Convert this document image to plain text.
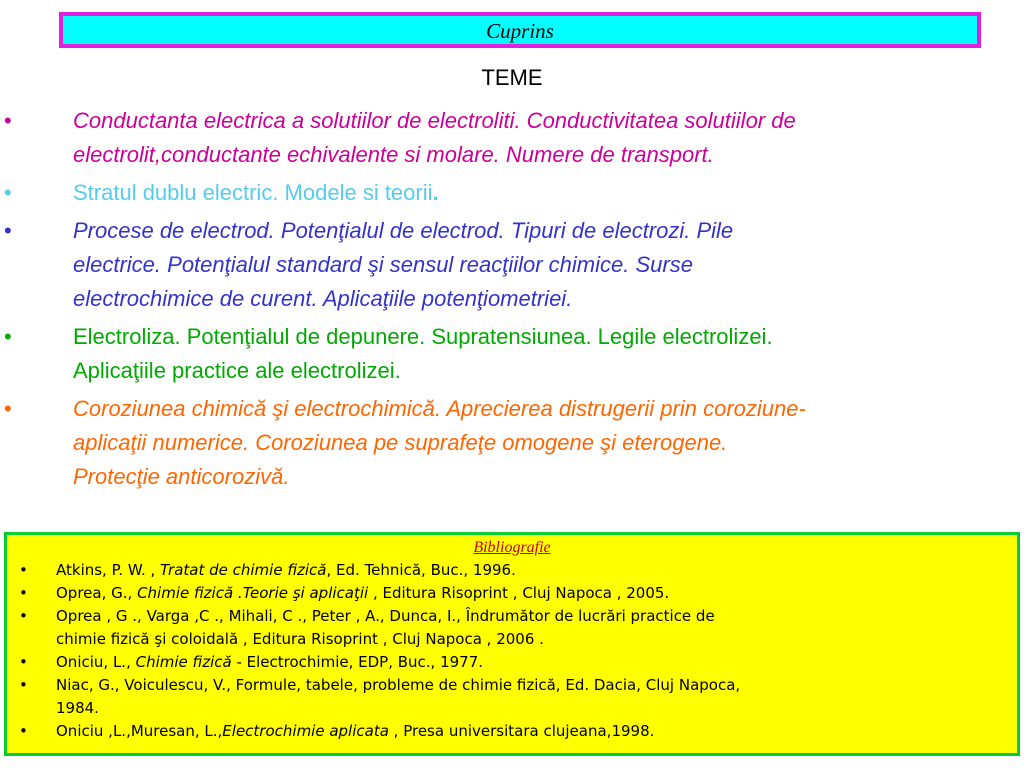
Cuprins
TEME
•	Conductanta electrica a solutiilor de electroliti. Conductivitatea solutiilor de
electrolit,conductante echivalente si molare. Numere de transport.
•	Stratul dublu electric. Modele si teorii.
•	Procese de electrod. Potenţialul de electrod. Tipuri de electrozi. Pile
electrice. Potenţialul standard şi sensul reacţiilor chimice. Surse
electrochimice de curent. Aplicaţiile potenţiometriei.
•	Electroliza. Potenţialul de depunere. Supratensiunea. Legile electrolizei.
Aplicaţiile practice ale electrolizei.
•	Coroziunea chimică şi electrochimică. Aprecierea distrugerii prin coroziune-
aplicaţii numerice. Coroziunea pe suprafeţe omogene şi eterogene.
Protecţie anticorozivă.
Bibliografie
• Atkins, P. W. , Tratat de chimie fizică, Ed. Tehnică, Buc., 1996.
• Oprea, G., Chimie fizică .Teorie şi aplicaţii , Editura Risoprint , Cluj Napoca , 2005.
• Oprea , G ., Varga ,C ., Mihali, C ., Peter , A., Dunca, I., Îndrumător de lucrări practice de
chimie fizică şi coloidală , Editura Risoprint , Cluj Napoca , 2006 .
• Oniciu, L., Chimie fizică - Electrochimie, EDP, Buc., 1977.
• Niac, G., Voiculescu, V., Formule, tabele, probleme de chimie fizică, Ed. Dacia, Cluj Napoca,
1984.
• Oniciu ,L.,Muresan, L.,Electrochimie aplicata , Presa universitara clujeana,1998.
